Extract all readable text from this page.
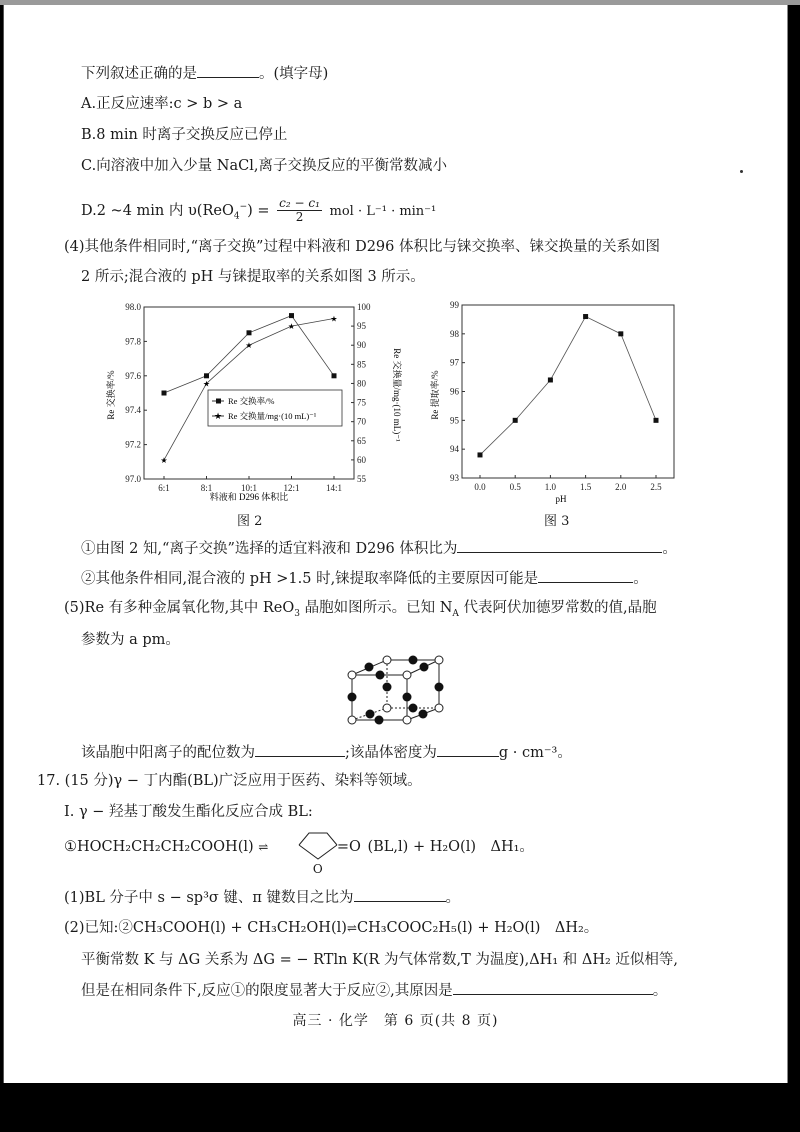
下列叙述正确的是	。(填字母)
A.正反应速率:c > b > a
B.8 min 时离子交换反应已停止
C.向溶液中加入少量 NaCl,离子交换反应的平衡常数减小
D.2 ~4 min 内 $\upsilon(ReO_4^-) = \frac{\text{c₂ − c₁}}{2}$ mol · L⁻¹ · min⁻¹
(4)其他条件相同时,“离子交换”过程中料液和 D296 体积比与铼交换率、铼交换量的关系如图
2 所示;混合液的 pH 与铼提取率的关系如图 3 所示。
97.0
97.2
97.4
97.6
97.8
98.0
55
60
65
70
75
80
85
90
95
100
6:1	8:1	10:1	12:1	14:1
★
★
★
★
★
Re 交换率/%	Re 交换量/mg·(10 mL)⁻¹
料液和 D296 体积比
Re 交换率/%
★ Re 交换量/mg·(10 mL)⁻¹
图 2
93
94
95
96
97
98
99
0.0	0.5	1.0	1.5	2.0	2.5
Re 提取率/%
pH
图 3
①由图 2 知,“离子交换”选择的适宜料液和 D296 体积比为	。
②其他条件相同,混合液的 pH >1.5 时,铼提取率降低的主要原因可能是	。
(5)Re 有多种金属氧化物,其中 ReO$_3$ 晶胞如图所示。已知 $N_A$ 代表阿伏加德罗常数的值,晶胞
参数为 a pm。
该晶胞中阳离子的配位数为	;该晶体密度为	g · cm⁻³。
17. (15 分)γ − 丁内酯(BL)广泛应用于医药、染料等领域。
Ⅰ. γ − 羟基丁酸发生酯化反应合成 BL:
①HOCH₂CH₂CH₂COOH(l) ⇌	=O
O
(BL,l) + H₂O(l)　ΔH₁。
(1)BL 分子中 s − sp³σ 键、π 键数目之比为	。
(2)已知:②CH₃COOH(l) + CH₃CH₂OH(l)⇌CH₃COOC₂H₅(l) + H₂O(l)　ΔH₂。
平衡常数 K 与 ΔG 关系为 ΔG = − RTln K(R 为气体常数,T 为温度),ΔH₁ 和 ΔH₂ 近似相等,
但是在相同条件下,反应①的限度显著大于反应②,其原因是	。
高三 · 化学　第 6 页(共 8 页)
